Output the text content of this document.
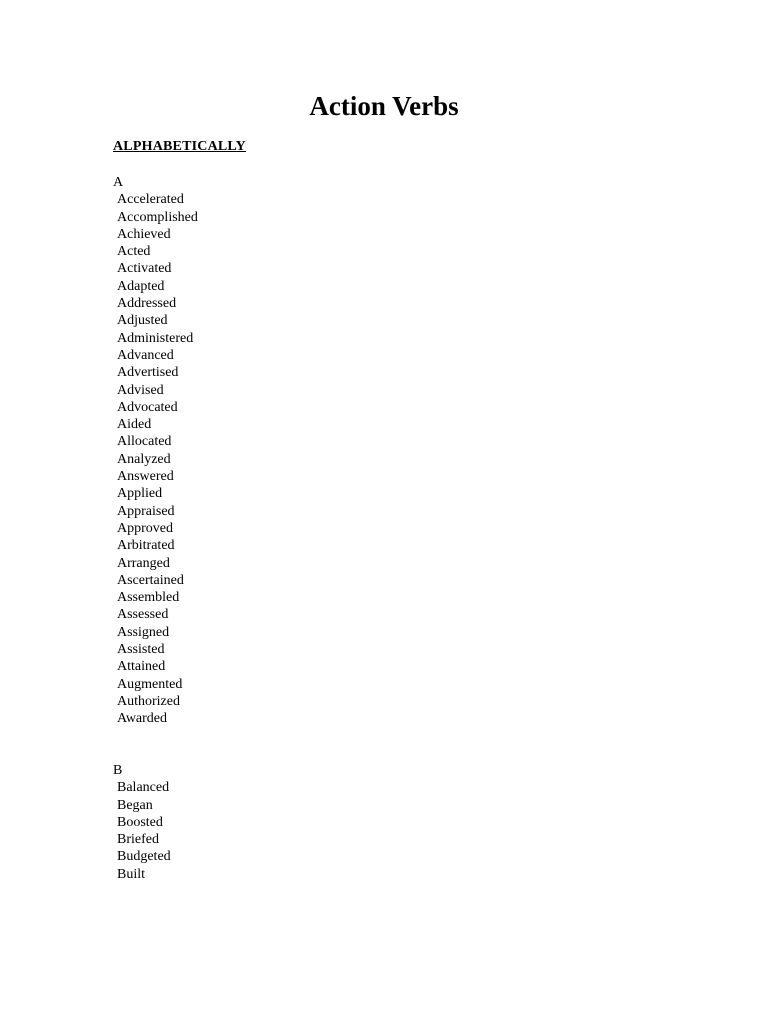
Action Verbs
ALPHABETICALLY
A
Accelerated
Accomplished
Achieved
Acted
Activated
Adapted
Addressed
Adjusted
Administered
Advanced
Advertised
Advised
Advocated
Aided
Allocated
Analyzed
Answered
Applied
Appraised
Approved
Arbitrated
Arranged
Ascertained
Assembled
Assessed
Assigned
Assisted
Attained
Augmented
Authorized
Awarded
B
Balanced
Began
Boosted
Briefed
Budgeted
Built
